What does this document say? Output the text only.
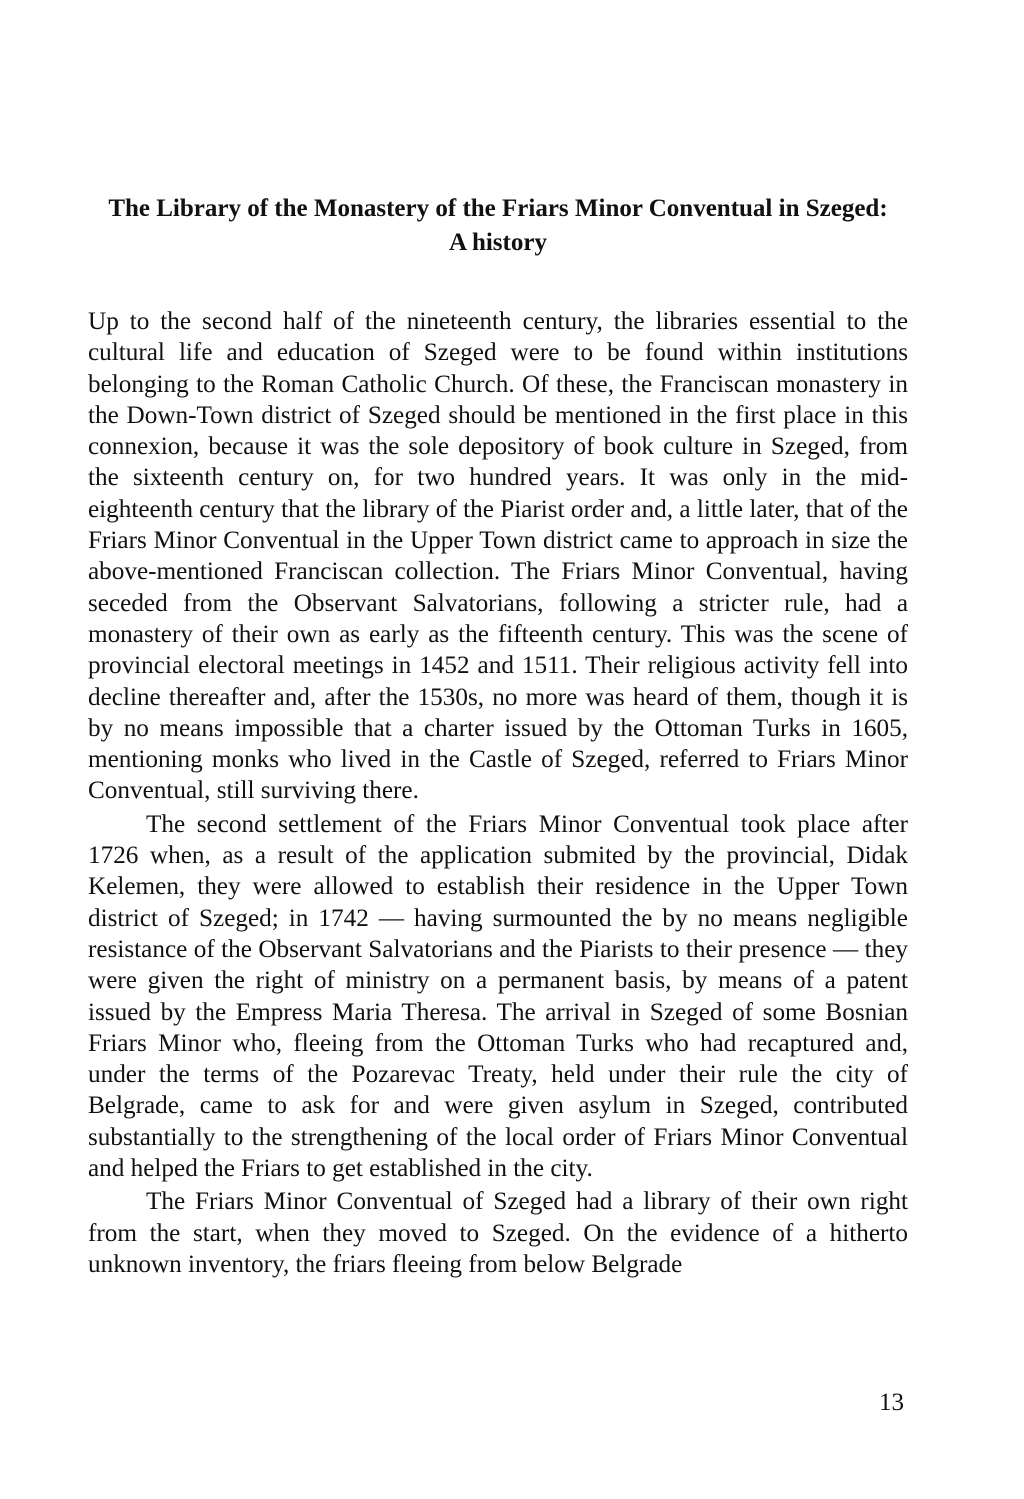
The Library of the Monastery of the Friars Minor Conventual in Szeged:
A history

Up to the second half of the nineteenth century, the libraries essential to the cultural life and education of Szeged were to be found within institutions belonging to the Roman Catholic Church. Of these, the Franciscan monastery in the Down-Town district of Szeged should be mentioned in the first place in this connexion, because it was the sole depository of book culture in Szeged, from the sixteenth century on, for two hundred years. It was only in the mid-eighteenth century that the library of the Piarist order and, a little later, that of the Friars Minor Conventual in the Upper Town district came to approach in size the above-mentioned Franciscan collection. The Friars Minor Conventual, having seceded from the Observant Salvatorians, following a stricter rule, had a monastery of their own as early as the fifteenth century. This was the scene of provincial electoral meetings in 1452 and 1511. Their religious activity fell into decline thereafter and, after the 1530s, no more was heard of them, though it is by no means impossible that a charter issued by the Ottoman Turks in 1605, mentioning monks who lived in the Castle of Szeged, referred to Friars Minor Conventual, still surviving there.

The second settlement of the Friars Minor Conventual took place after 1726 when, as a result of the application submited by the provincial, Didak Kelemen, they were allowed to establish their residence in the Upper Town district of Szeged; in 1742 — having surmounted the by no means negligible resistance of the Observant Salvatorians and the Piarists to their presence — they were given the right of ministry on a permanent basis, by means of a patent issued by the Empress Maria Theresa. The arrival in Szeged of some Bosnian Friars Minor who, fleeing from the Ottoman Turks who had recaptured and, under the terms of the Pozarevac Treaty, held under their rule the city of Belgrade, came to ask for and were given asylum in Szeged, contributed substantially to the strengthening of the local order of Friars Minor Conventual and helped the Friars to get established in the city.

The Friars Minor Conventual of Szeged had a library of their own right from the start, when they moved to Szeged. On the evidence of a hitherto unknown inventory, the friars fleeing from below Belgrade

13
